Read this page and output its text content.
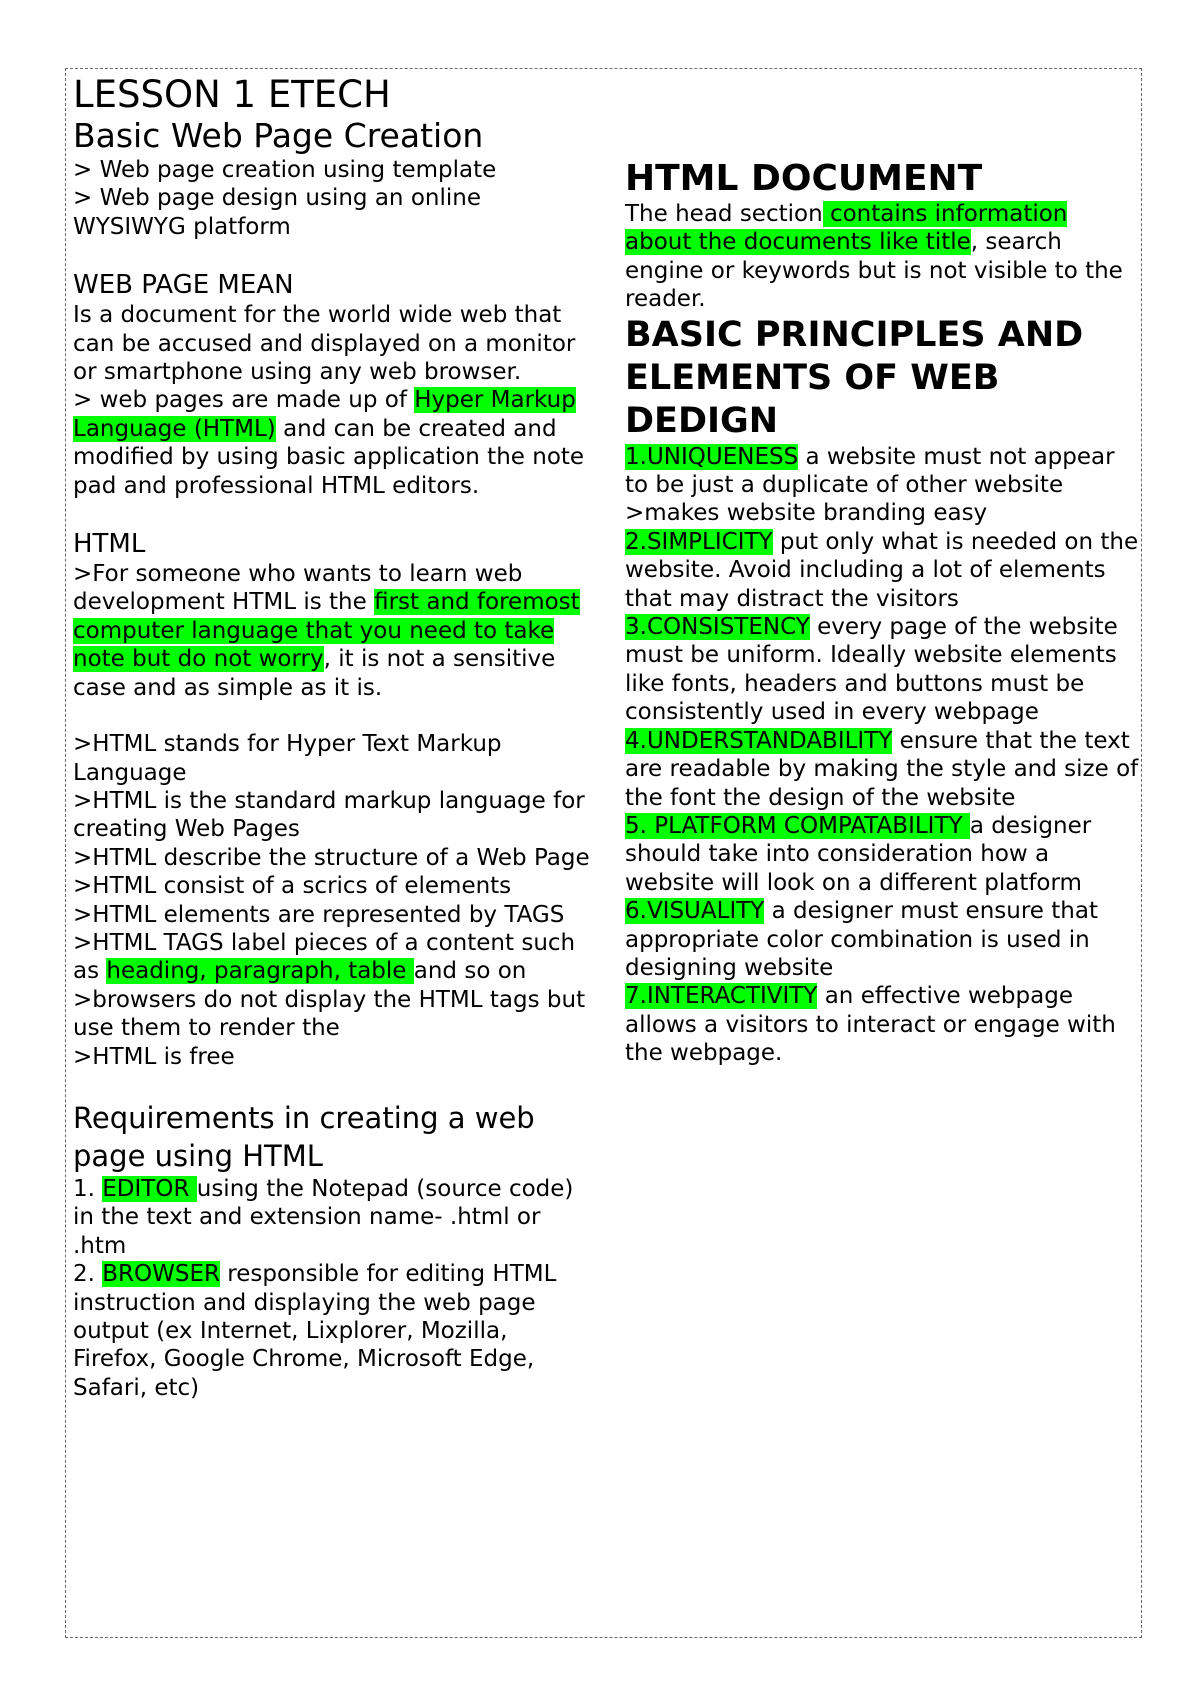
LESSON 1 ETECH

Basic Web Page Creation

> Web page creation using template

> Web page design using an online WYSIWYG platform

WEB PAGE MEAN

Is a document for the world wide web that can be accused and displayed on a monitor or smartphone using any web browser.

> web pages are made up of Hyper Markup Language (HTML) and can be created and modified by using basic application the note pad and professional HTML editors.

HTML

>For someone who wants to learn web development HTML is the first and foremost computer language that you need to take note but do not worry, it is not a sensitive case and as simple as it is.

>HTML stands for Hyper Text Markup Language

>HTML is the standard markup language for creating Web Pages

>HTML describe the structure of a Web Page

>HTML consist of a scrics of elements

>HTML elements are represented by TAGS

>HTML TAGS label pieces of a content such as heading, paragraph, table and so on

>browsers do not display the HTML tags but use them to render the

>HTML is free

Requirements in creating a web page using HTML

1. EDITOR using the Notepad (source code) in the text and extension name- .html or .htm

2. BROWSER responsible for editing HTML instruction and displaying the web page output (ex Internet, Lixplorer, Mozilla, Firefox, Google Chrome, Microsoft Edge, Safari, etc)

HTML DOCUMENT

The head section contains information about the documents like title, search engine or keywords but is not visible to the reader.

BASIC PRINCIPLES AND ELEMENTS OF WEB DEDIGN

1.UNIQUENESS a website must not appear to be just a duplicate of other website

>makes website branding easy

2.SIMPLICITY put only what is needed on the website. Avoid including a lot of elements that may distract the visitors

3.CONSISTENCY every page of the website must be uniform. Ideally website elements like fonts, headers and buttons must be consistently used in every webpage

4.UNDERSTANDABILITY ensure that the text are readable by making the style and size of the font the design of the website

5. PLATFORM COMPATABILITY a designer should take into consideration how a website will look on a different platform

6.VISUALITY a designer must ensure that appropriate color combination is used in designing website

7.INTERACTIVITY an effective webpage allows a visitors to interact or engage with the webpage.
